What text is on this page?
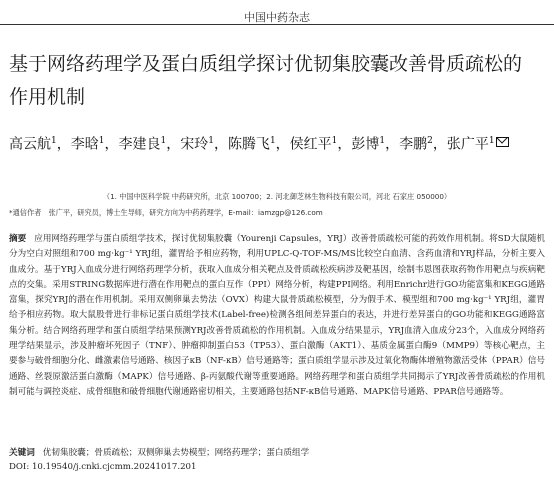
中国中药杂志
基于网络药理学及蛋白质组学探讨优韧集胶囊改善骨质疏松的作用机制
高云航$^1$，李晗$^1$，李建良$^1$，宋玲$^1$，陈腾飞$^1$，侯红平$^1$，彭博$^1$，李鹏$^2$，张广平$^1$
（1. 中国中医科学院 中药研究所，北京 100700；2. 河北御芝林生物科技有限公司，河北 石家庄 050000）
*通信作者　张广平，研究员，博士生导师，研究方向为中药药理学，E-mail：iamzgp@126.com
摘要 应用网络药理学与蛋白质组学技术，探讨优韧集胶囊（Yourenji Capsules，YRJ）改善骨质疏松可能的药效作用机制。将SD大鼠随机分为空白对照组和700 mg·kg⁻¹ YRJ组，灌胃给予相应药物，利用UPLC-Q-TOF-MS/MS比较空白血清、含药血清和YRJ样品，分析主要入血成分。基于YRJ入血成分进行网络药理学分析，获取入血成分相关靶点及骨质疏松疾病涉及靶基因，绘制韦恩图获取药物作用靶点与疾病靶点的交集。采用STRING数据库进行潜在作用靶点的蛋白互作（PPI）网络分析，构建PPI网络。利用Enrichr进行GO功能富集和KEGG通路富集，探究YRJ的潜在作用机制。采用双侧卵巢去势法（OVX）构建大鼠骨质疏松模型，分为假手术、模型组和700 mg·kg⁻¹ YRJ组，灌胃给予相应药物。取大鼠股骨进行非标记蛋白质组学技术(Label-free)检测各组间差异蛋白的表达，并进行差异蛋白的GO功能和KEGG通路富集分析。结合网络药理学和蛋白质组学结果预测YRJ改善骨质疏松的作用机制。入血成分结果显示，YRJ血清入血成分23个，入血成分网络药理学结果显示，涉及肿瘤坏死因子（TNF）、肿瘤抑制蛋白53（TP53）、蛋白激酶（AKT1）、基质金属蛋白酶9（MMP9）等核心靶点，主要参与破骨细胞分化、雌激素信号通路、核因子κB（NF-κB）信号通路等；蛋白质组学显示涉及过氧化物酶体增殖物激活受体（PPAR）信号通路、丝裂原激活蛋白激酶（MAPK）信号通路、β-丙氨酸代谢等重要通路。网络药理学和蛋白质组学共同揭示了YRJ改善骨质疏松的作用机制可能与调控炎症、成骨细胞和破骨细胞代谢通路密切相关，主要通路包括NF-κB信号通路、MAPK信号通路、PPAR信号通路等。
关键词 优韧集胶囊；骨质疏松；双侧卵巢去势模型；网络药理学；蛋白质组学
DOI: 10.19540/j.cnki.cjcmm.20241017.201
